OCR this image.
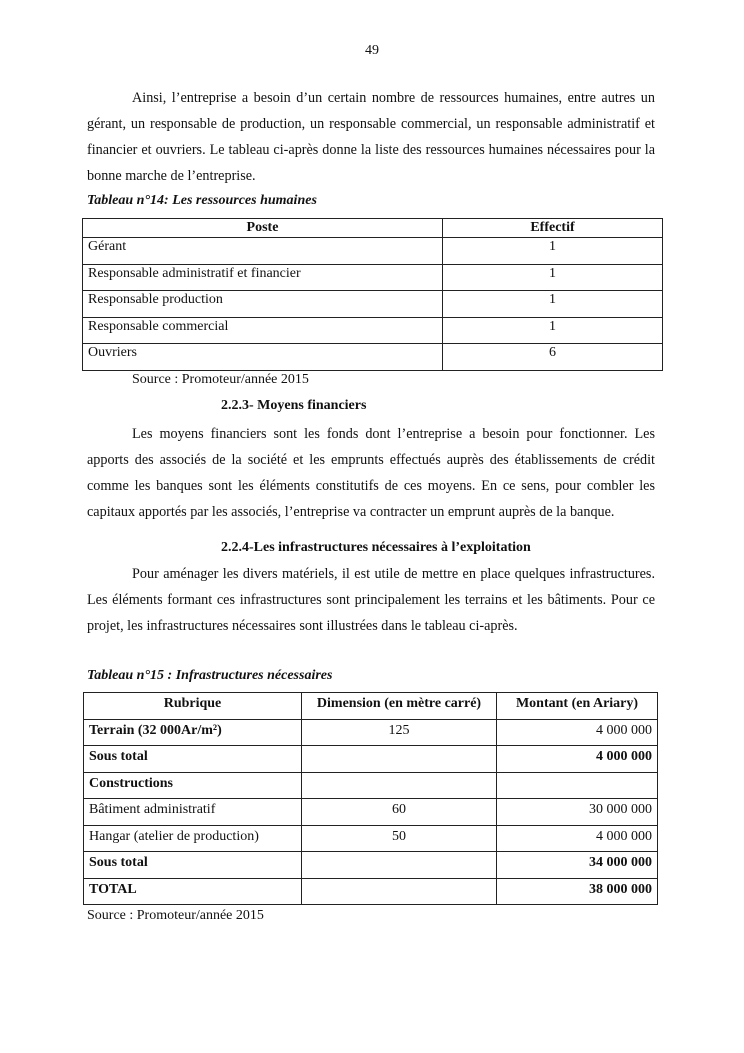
49
Ainsi, l’entreprise a besoin d’un certain nombre de ressources humaines, entre autres un gérant, un responsable de production, un responsable commercial, un responsable administratif et financier et ouvriers. Le tableau ci-après donne la liste des ressources humaines nécessaires pour la bonne marche de l’entreprise.
Tableau n°14: Les ressources humaines
Poste	Effectif
Gérant	1
Responsable administratif et financier	1
Responsable production	1
Responsable commercial	1
Ouvriers	6
Source : Promoteur/année 2015
2.2.3- Moyens financiers
Les moyens financiers sont les fonds dont l’entreprise a besoin pour fonctionner. Les apports des associés de la société et les emprunts effectués auprès des établissements de crédit comme les banques sont les éléments constitutifs de ces moyens. En ce sens, pour combler les capitaux apportés par les associés, l’entreprise va contracter un emprunt auprès de la banque.
2.2.4-Les infrastructures nécessaires à l’exploitation
Pour aménager les divers matériels, il est utile de mettre en place quelques infrastructures. Les éléments formant ces infrastructures sont principalement les terrains et les bâtiments. Pour ce projet, les infrastructures nécessaires sont illustrées dans le tableau ci-après.
Tableau n°15 : Infrastructures nécessaires
Rubrique	Dimension (en mètre carré)	Montant (en Ariary)
Terrain (32 000Ar/m²)	125	4 000 000
Sous total		4 000 000
Constructions		
Bâtiment administratif	60	30 000 000
Hangar (atelier de production)	50	4 000 000
Sous total		34 000 000
TOTAL		38 000 000
Source : Promoteur/année 2015
